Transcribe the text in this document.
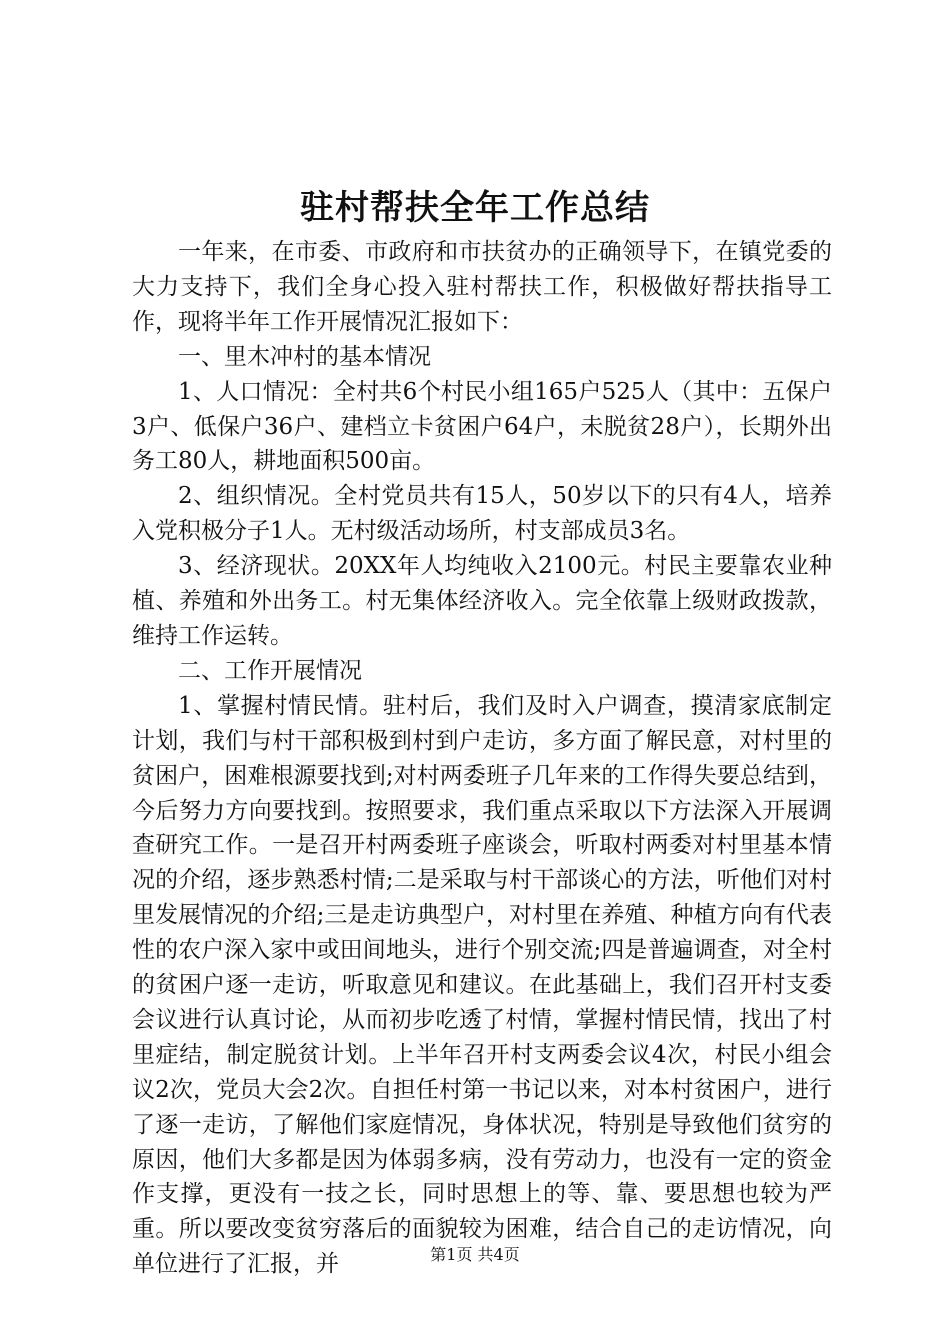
驻村帮扶全年工作总结

一年来，在市委、市政府和市扶贫办的正确领导下，在镇党委的大力支持下，我们全身心投入驻村帮扶工作，积极做好帮扶指导工作，现将半年工作开展情况汇报如下：

一、里木冲村的基本情况

1、人口情况：全村共6个村民小组165户525人（其中：五保户3户、低保户36户、建档立卡贫困户64户，未脱贫28户），长期外出务工80人，耕地面积500亩。

2、组织情况。全村党员共有15人，50岁以下的只有4人，培养入党积极分子1人。无村级活动场所，村支部成员3名。

3、经济现状。20XX年人均纯收入2100元。村民主要靠农业种植、养殖和外出务工。村无集体经济收入。完全依靠上级财政拨款，维持工作运转。

二、工作开展情况

1、掌握村情民情。驻村后，我们及时入户调查，摸清家底制定计划，我们与村干部积极到村到户走访，多方面了解民意，对村里的贫困户，困难根源要找到;对村两委班子几年来的工作得失要总结到，今后努力方向要找到。按照要求，我们重点采取以下方法深入开展调查研究工作。一是召开村两委班子座谈会，听取村两委对村里基本情况的介绍，逐步熟悉村情;二是采取与村干部谈心的方法，听他们对村里发展情况的介绍;三是走访典型户，对村里在养殖、种植方向有代表性的农户深入家中或田间地头，进行个别交流;四是普遍调查，对全村的贫困户逐一走访，听取意见和建议。在此基础上，我们召开村支委会议进行认真讨论，从而初步吃透了村情，掌握村情民情，找出了村里症结，制定脱贫计划。上半年召开村支两委会议4次，村民小组会议2次，党员大会2次。自担任村第一书记以来，对本村贫困户，进行了逐一走访，了解他们家庭情况，身体状况，特别是导致他们贫穷的原因，他们大多都是因为体弱多病，没有劳动力，也没有一定的资金作支撑，更没有一技之长，同时思想上的等、靠、要思想也较为严重。所以要改变贫穷落后的面貌较为困难，结合自己的走访情况，向单位进行了汇报，并	第1页 共4页
